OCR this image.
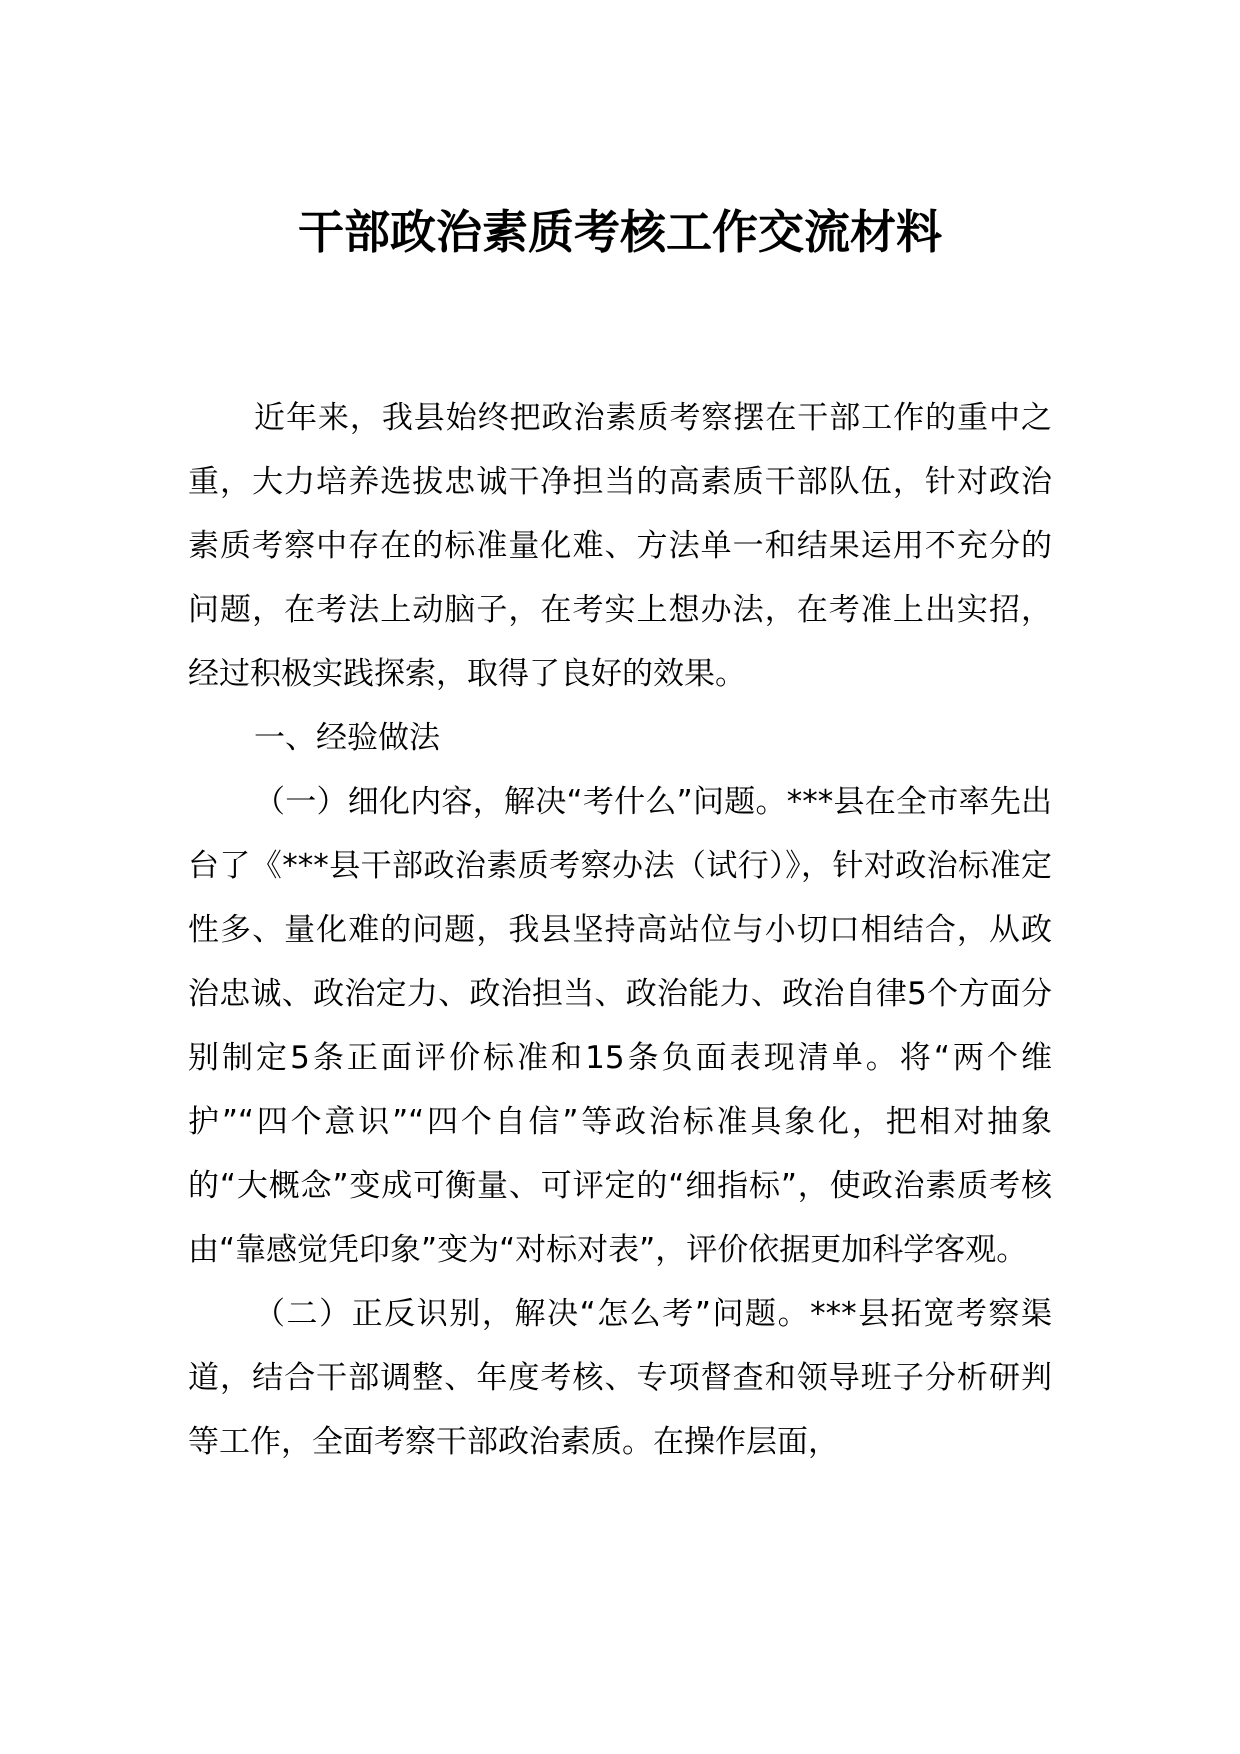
干部政治素质考核工作交流材料

近年来，我县始终把政治素质考察摆在干部工作的重中之重，大力培养选拔忠诚干净担当的高素质干部队伍，针对政治素质考察中存在的标准量化难、方法单一和结果运用不充分的问题，在考法上动脑子，在考实上想办法，在考准上出实招，经过积极实践探索，取得了良好的效果。

一、经验做法

（一）细化内容，解决“考什么”问题。***县在全市率先出台了《***县干部政治素质考察办法（试行）》，针对政治标准定性多、量化难的问题，我县坚持高站位与小切口相结合，从政治忠诚、政治定力、政治担当、政治能力、政治自律5个方面分别制定5条正面评价标准和15条负面表现清单。将“两个维护”“四个意识”“四个自信”等政治标准具象化，把相对抽象的“大概念”变成可衡量、可评定的“细指标”，使政治素质考核由“靠感觉凭印象”变为“对标对表”，评价依据更加科学客观。

（二）正反识别，解决“怎么考”问题。***县拓宽考察渠道，结合干部调整、年度考核、专项督查和领导班子分析研判等工作，全面考察干部政治素质。在操作层面，
